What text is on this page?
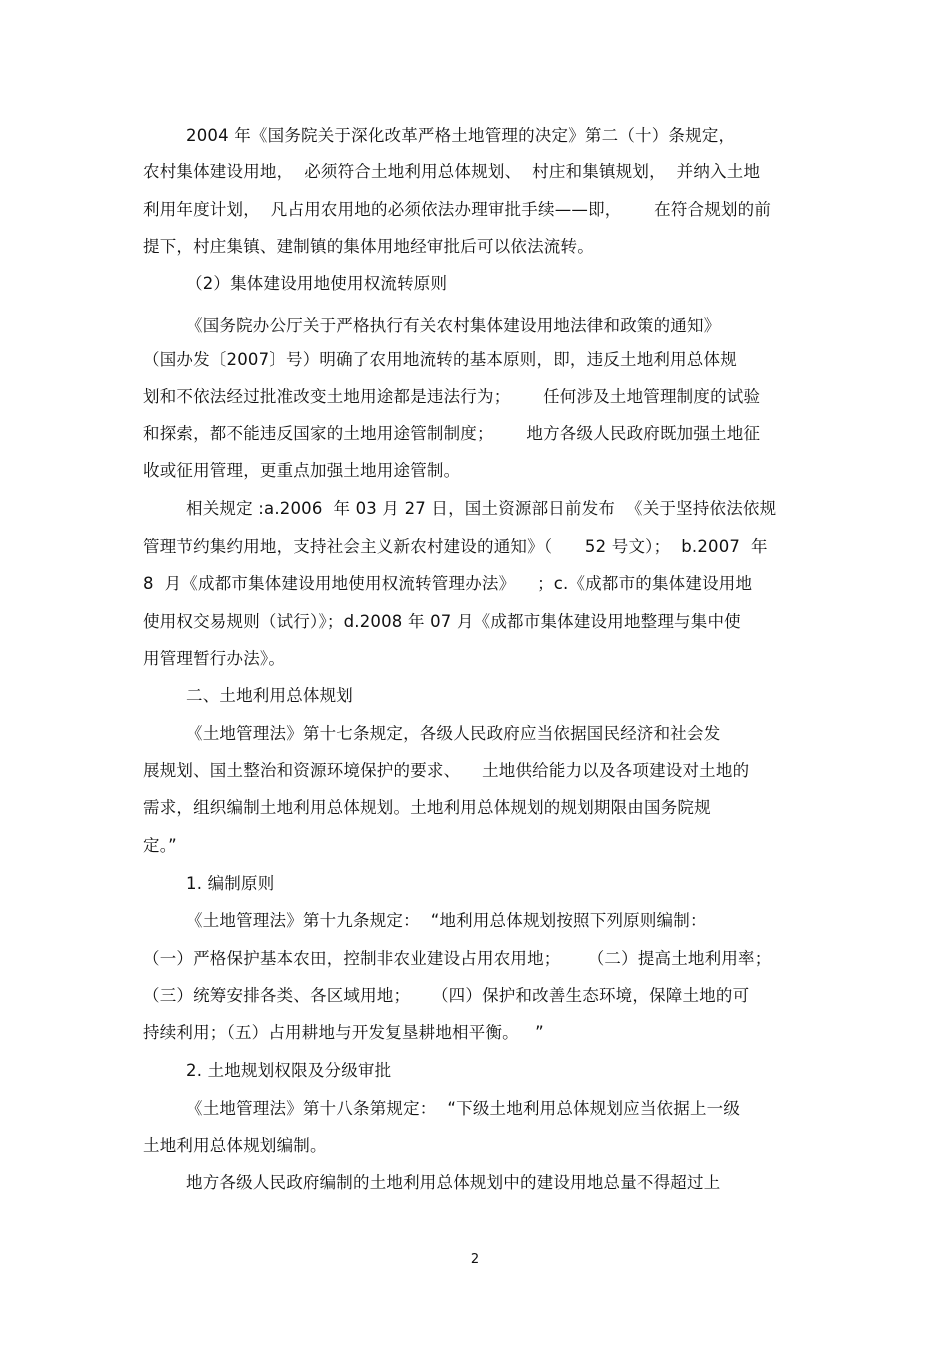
2004 年《国务院关于深化改革严格土地管理的决定》第二（十）条规定，
农村集体建设用地，  必须符合土地利用总体规划、  村庄和集镇规划，  并纳入土地
利用年度计划，  凡占用农用地的必须依法办理审批手续——即，      在符合规划的前
提下，村庄集镇、建制镇的集体用地经审批后可以依法流转。
（2）集体建设用地使用权流转原则
《国务院办公厅关于严格执行有关农村集体建设用地法律和政策的通知》
（国办发〔2007〕号）明确了农用地流转的基本原则，即，违反土地利用总体规
划和不依法经过批准改变土地用途都是违法行为；      任何涉及土地管理制度的试验
和探索，都不能违反国家的土地用途管制制度；      地方各级人民政府既加强土地征
收或征用管理，更重点加强土地用途管制。
相关规定 :a.2006  年 03 月 27 日，国土资源部日前发布  《关于坚持依法依规
管理节约集约用地，支持社会主义新农村建设的通知》（      52 号文）；  b.2007  年
8  月《成都市集体建设用地使用权流转管理办法》    ；c.《成都市的集体建设用地
使用权交易规则（试行）》；d.2008 年 07 月《成都市集体建设用地整理与集中使
用管理暂行办法》。
二、土地利用总体规划
《土地管理法》第十七条规定，各级人民政府应当依据国民经济和社会发
展规划、国土整治和资源环境保护的要求、    土地供给能力以及各项建设对土地的
需求，组织编制土地利用总体规划。土地利用总体规划的规划期限由国务院规
定。”
1. 编制原则
《土地管理法》第十九条规定：  “地利用总体规划按照下列原则编制：
（一）严格保护基本农田，控制非农业建设占用农用地；     （二）提高土地利用率；
（三）统筹安排各类、各区域用地；    （四）保护和改善生态环境，保障土地的可
持续利用；（五）占用耕地与开发复垦耕地相平衡。   ”
2. 土地规划权限及分级审批
《土地管理法》第十八条第规定：  “下级土地利用总体规划应当依据上一级
土地利用总体规划编制。
地方各级人民政府编制的土地利用总体规划中的建设用地总量不得超过上
2
